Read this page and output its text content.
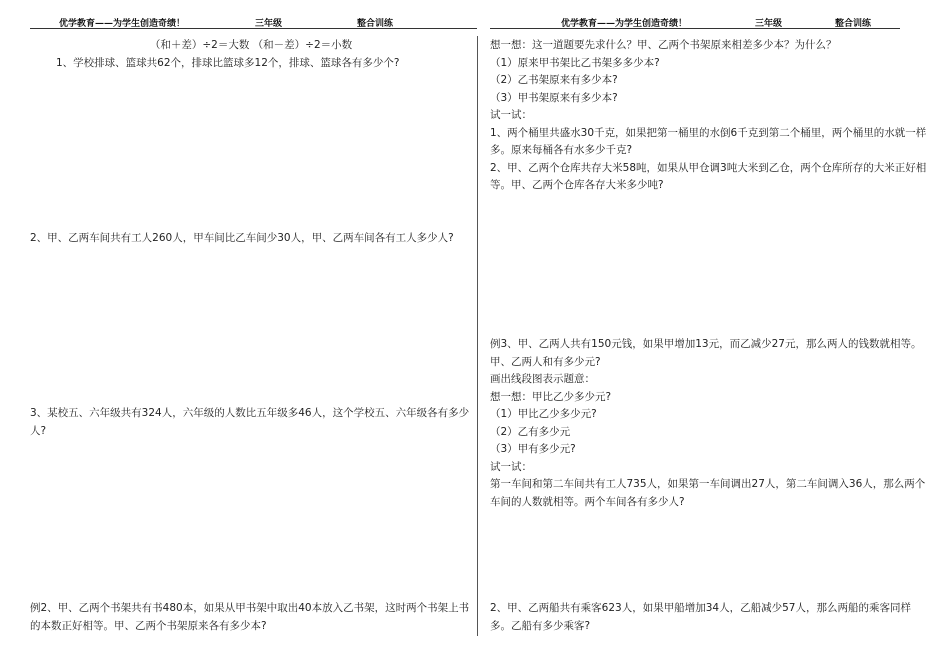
优学教育——为学生创造奇绩！	三年级	整合训练	优学教育——为学生创造奇绩！	三年级	整合训练

（和＋差）÷2＝大数 （和－差）÷2＝小数

1、学校排球、篮球共62个，排球比篮球多12个，排球、篮球各有多少个?

2、甲、乙两车间共有工人260人，甲车间比乙车间少30人，甲、乙两车间各有工人多少人?

3、某校五、六年级共有324人，六年级的人数比五年级多46人，这个学校五、六年级各有多少人?

例2、甲、乙两个书架共有书480本，如果从甲书架中取出40本放入乙书架，这时两个书架上书的本数正好相等。甲、乙两个书架原来各有多少本?

想一想：这一道题要先求什么？甲、乙两个书架原来相差多少本？为什么？

（1）原来甲书架比乙书架多多少本?

（2）乙书架原来有多少本?

（3）甲书架原来有多少本?

试一试：

1、两个桶里共盛水30千克，如果把第一桶里的水倒6千克到第二个桶里，两个桶里的水就一样多。原来每桶各有水多少千克?

2、甲、乙两个仓库共存大米58吨，如果从甲仓调3吨大米到乙仓，两个仓库所存的大米正好相等。甲、乙两个仓库各存大米多少吨?

例3、甲、乙两人共有150元钱，如果甲增加13元，而乙减少27元，那么两人的钱数就相等。甲、乙两人和有多少元?

画出线段图表示题意：

想一想：甲比乙少多少元?

（1）甲比乙少多少元?

（2）乙有多少元

（3）甲有多少元?

试一试：

第一车间和第二车间共有工人735人，如果第一车间调出27人，第二车间调入36人，那么两个车间的人数就相等。两个车间各有多少人?

2、甲、乙两船共有乘客623人，如果甲船增加34人，乙船减少57人，那么两船的乘客同样多。乙船有多少乘客?
